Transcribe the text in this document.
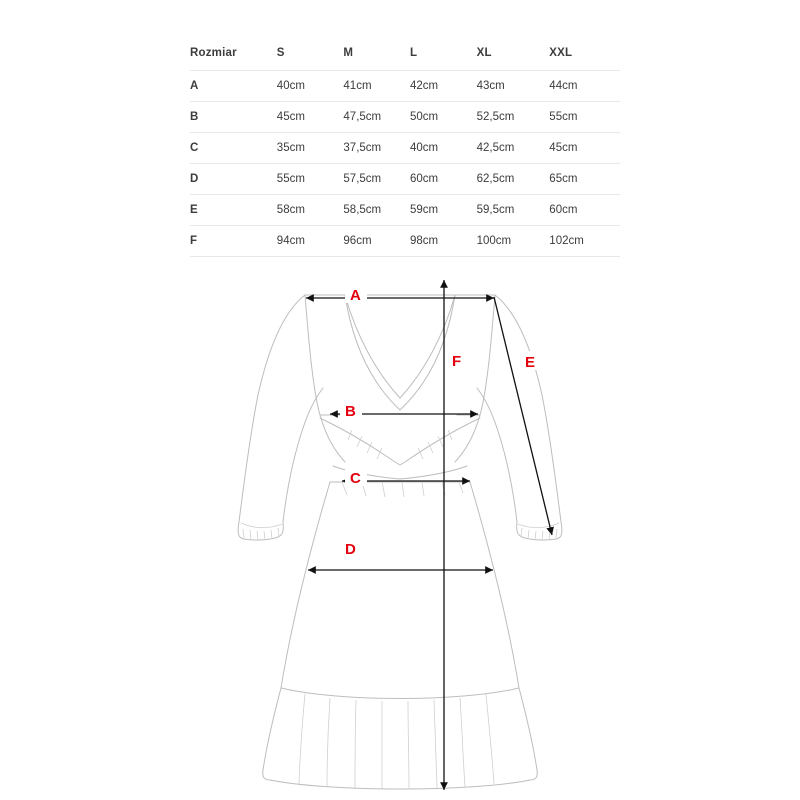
Rozmiar	S	M	L	XL	XXL
A	40cm	41cm	42cm	43cm	44cm
B	45cm	47,5cm	50cm	52,5cm	55cm
C	35cm	37,5cm	40cm	42,5cm	45cm
D	55cm	57,5cm	60cm	62,5cm	65cm
E	58cm	58,5cm	59cm	59,5cm	60cm
F	94cm	96cm	98cm	100cm	102cm
A
B
C
D
E
F
